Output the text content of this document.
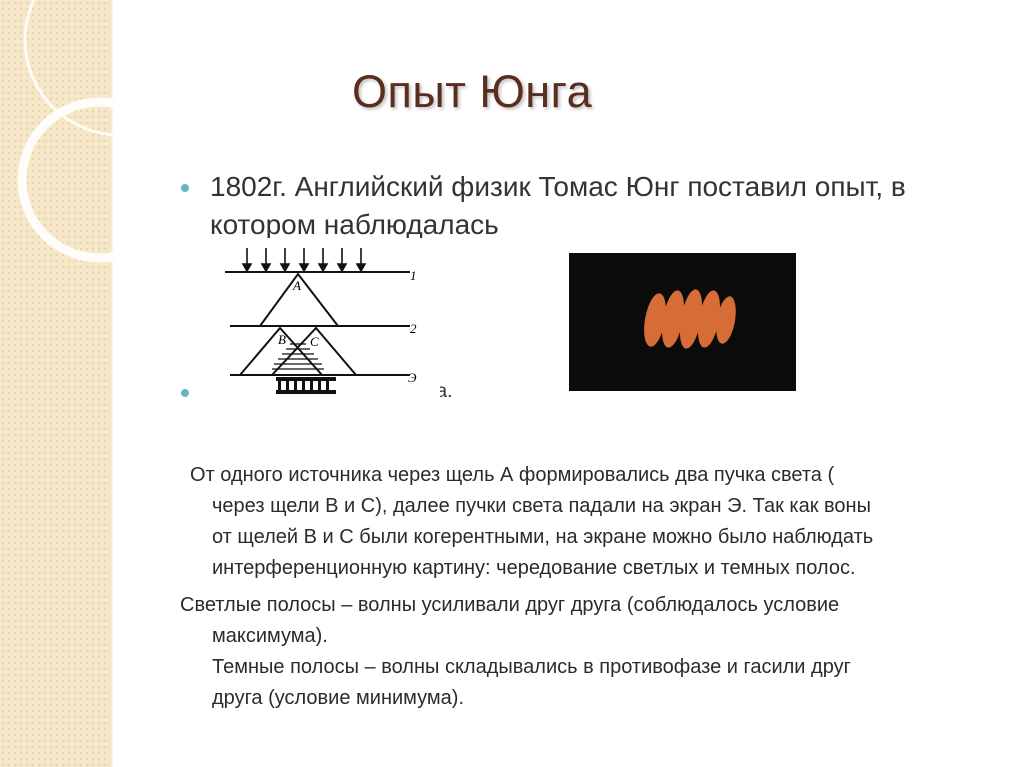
Опыт Юнга
1802г. Английский физик Томас Юнг поставил опыт, в котором наблюдалась
га.
A
B C
1
2
Э
От одного источника через щель А формировались два пучка света (
через щели В и С), далее пучки света падали на экран Э. Так как воны
от щелей В и С были когерентными, на экране можно было наблюдать
интерференционную картину: чередование светлых и темных полос.
Светлые полосы – волны усиливали друг друга (соблюдалось условие
максимума).
Темные полосы – волны складывались в противофазе и гасили друг
друга (условие минимума).
